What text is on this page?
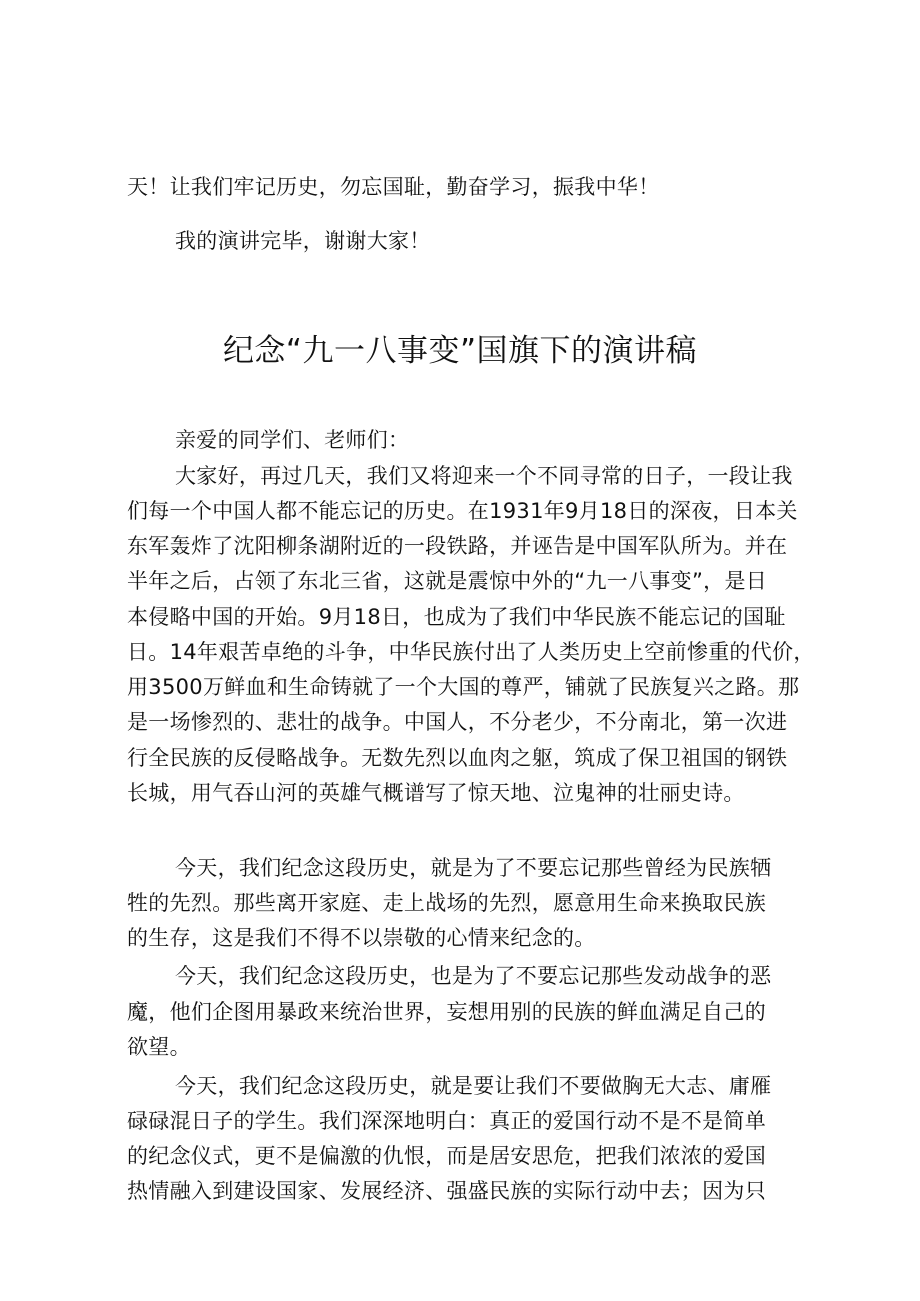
天！让我们牢记历史，勿忘国耻，勤奋学习，振我中华！

我的演讲完毕，谢谢大家！

纪念“九一八事变”国旗下的演讲稿

亲爱的同学们、老师们：

大家好，再过几天，我们又将迎来一个不同寻常的日子，一段让我

们每一个中国人都不能忘记的历史。在1931年9月18日的深夜，日本关

东军轰炸了沈阳柳条湖附近的一段铁路，并诬告是中国军队所为。并在

半年之后，占领了东北三省，这就是震惊中外的“九一八事变”，是日

本侵略中国的开始。9月18日，也成为了我们中华民族不能忘记的国耻

日。14年艰苦卓绝的斗争，中华民族付出了人类历史上空前惨重的代价，

用3500万鲜血和生命铸就了一个大国的尊严，铺就了民族复兴之路。那

是一场惨烈的、悲壮的战争。中国人，不分老少，不分南北，第一次进

行全民族的反侵略战争。无数先烈以血肉之躯，筑成了保卫祖国的钢铁

长城，用气吞山河的英雄气概谱写了惊天地、泣鬼神的壮丽史诗。

今天，我们纪念这段历史，就是为了不要忘记那些曾经为民族牺

牲的先烈。那些离开家庭、走上战场的先烈，愿意用生命来换取民族

的生存，这是我们不得不以崇敬的心情来纪念的。

今天，我们纪念这段历史，也是为了不要忘记那些发动战争的恶

魔，他们企图用暴政来统治世界，妄想用别的民族的鲜血满足自己的

欲望。

今天，我们纪念这段历史，就是要让我们不要做胸无大志、庸雁

碌碌混日子的学生。我们深深地明白：真正的爱国行动不是不是简单

的纪念仪式，更不是偏激的仇恨，而是居安思危，把我们浓浓的爱国

热情融入到建设国家、发展经济、强盛民族的实际行动中去；因为只
